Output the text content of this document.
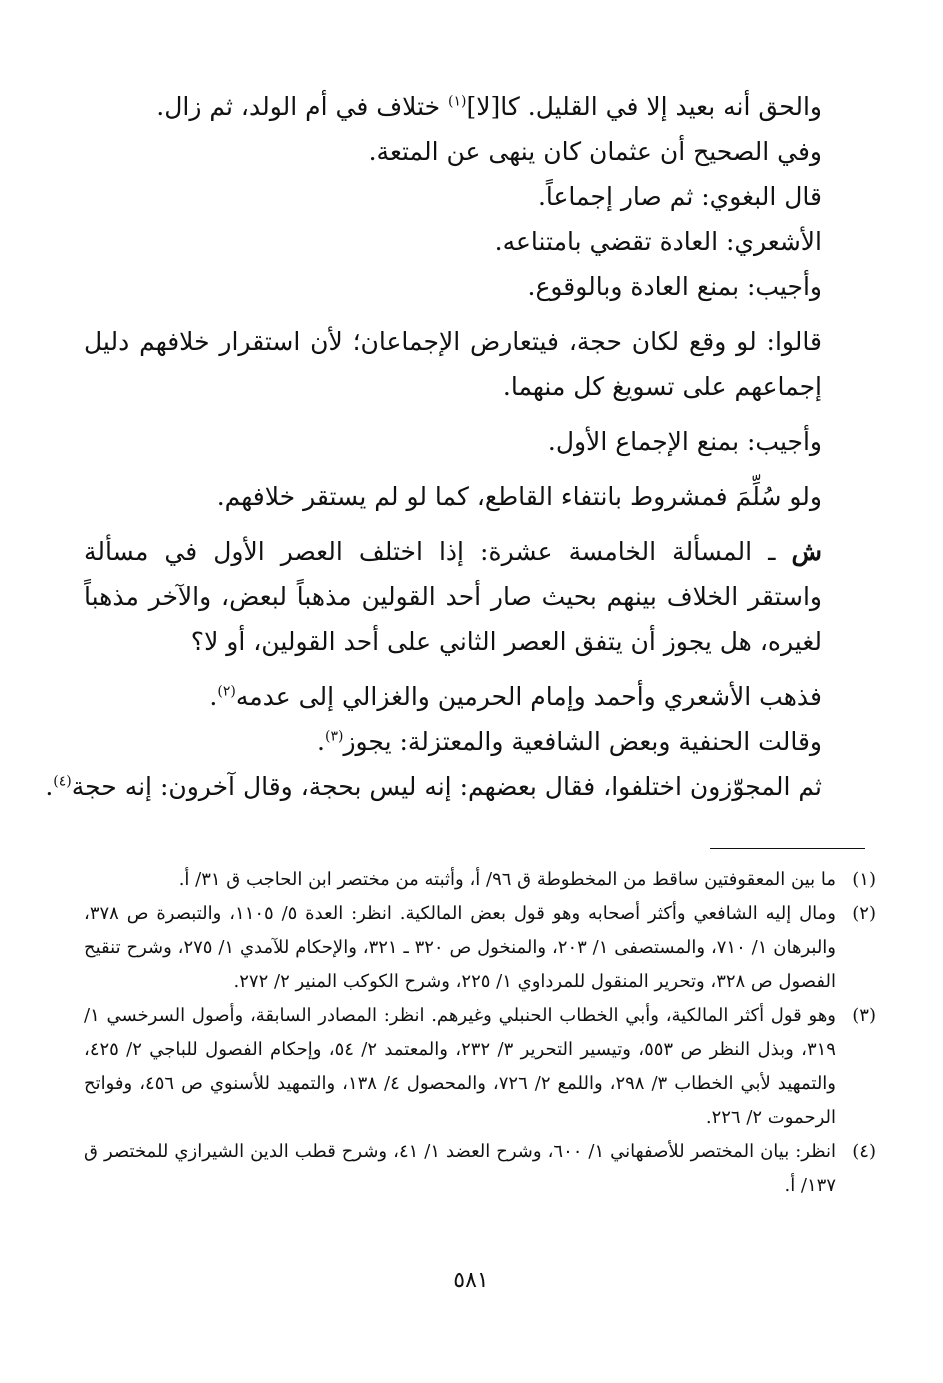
والحق أنه بعيد إلا في القليل. كا[لا]$^{(١)}$ ختلاف في أم الولد، ثم زال.
وفي الصحيح أن عثمان كان ينهى عن المتعة.
قال البغوي: ثم صار إجماعاً.
الأشعري: العادة تقضي بامتناعه.
وأجيب: بمنع العادة وبالوقوع.
قالوا: لو وقع لكان حجة، فيتعارض الإجماعان؛ لأن استقرار خلافهم دليل إجماعهم على تسويغ كل منهما.
وأجيب: بمنع الإجماع الأول.
ولو سُلِّمَ فمشروط بانتفاء القاطع، كما لو لم يستقر خلافهم.
ش ـ المسألة الخامسة عشرة: إذا اختلف العصر الأول في مسألة واستقر الخلاف بينهم بحيث صار أحد القولين مذهباً لبعض، والآخر مذهباً لغيره، هل يجوز أن يتفق العصر الثاني على أحد القولين، أو لا؟
فذهب الأشعري وأحمد وإمام الحرمين والغزالي إلى عدمه$^{(٢)}$.
وقالت الحنفية وبعض الشافعية والمعتزلة: يجوز$^{(٣)}$.
ثم المجوّزون اختلفوا، فقال بعضهم: إنه ليس بحجة، وقال آخرون: إنه حجة$^{(٤)}$.
(١)
ما بين المعقوفتين ساقط من المخطوطة ق ٩٦/ أ، وأثبته من مختصر ابن الحاجب ق ٣١/ أ.
(٢)
ومال إليه الشافعي وأكثر أصحابه وهو قول بعض المالكية. انظر: العدة ٥/ ١١٠٥، والتبصرة ص ٣٧٨، والبرهان ١/ ٧١٠، والمستصفى ١/ ٢٠٣، والمنخول ص ٣٢٠ ـ ٣٢١، والإحكام للآمدي ١/ ٢٧٥، وشرح تنقيح الفصول ص ٣٢٨، وتحرير المنقول للمرداوي ١/ ٢٢٥، وشرح الكوكب المنير ٢/ ٢٧٢.
(٣)
وهو قول أكثر المالكية، وأبي الخطاب الحنبلي وغيرهم. انظر: المصادر السابقة، وأصول السرخسي ١/ ٣١٩، وبذل النظر ص ٥٥٣، وتيسير التحرير ٣/ ٢٣٢، والمعتمد ٢/ ٥٤، وإحكام الفصول للباجي ٢/ ٤٢٥، والتمهيد لأبي الخطاب ٣/ ٢٩٨، واللمع ٢/ ٧٢٦، والمحصول ٤/ ١٣٨، والتمهيد للأسنوي ص ٤٥٦، وفواتح الرحموت ٢/ ٢٢٦.
(٤)
انظر: بيان المختصر للأصفهاني ١/ ٦٠٠، وشرح العضد ١/ ٤١، وشرح قطب الدين الشيرازي للمختصر ق ١٣٧/ أ.
٥٨١
